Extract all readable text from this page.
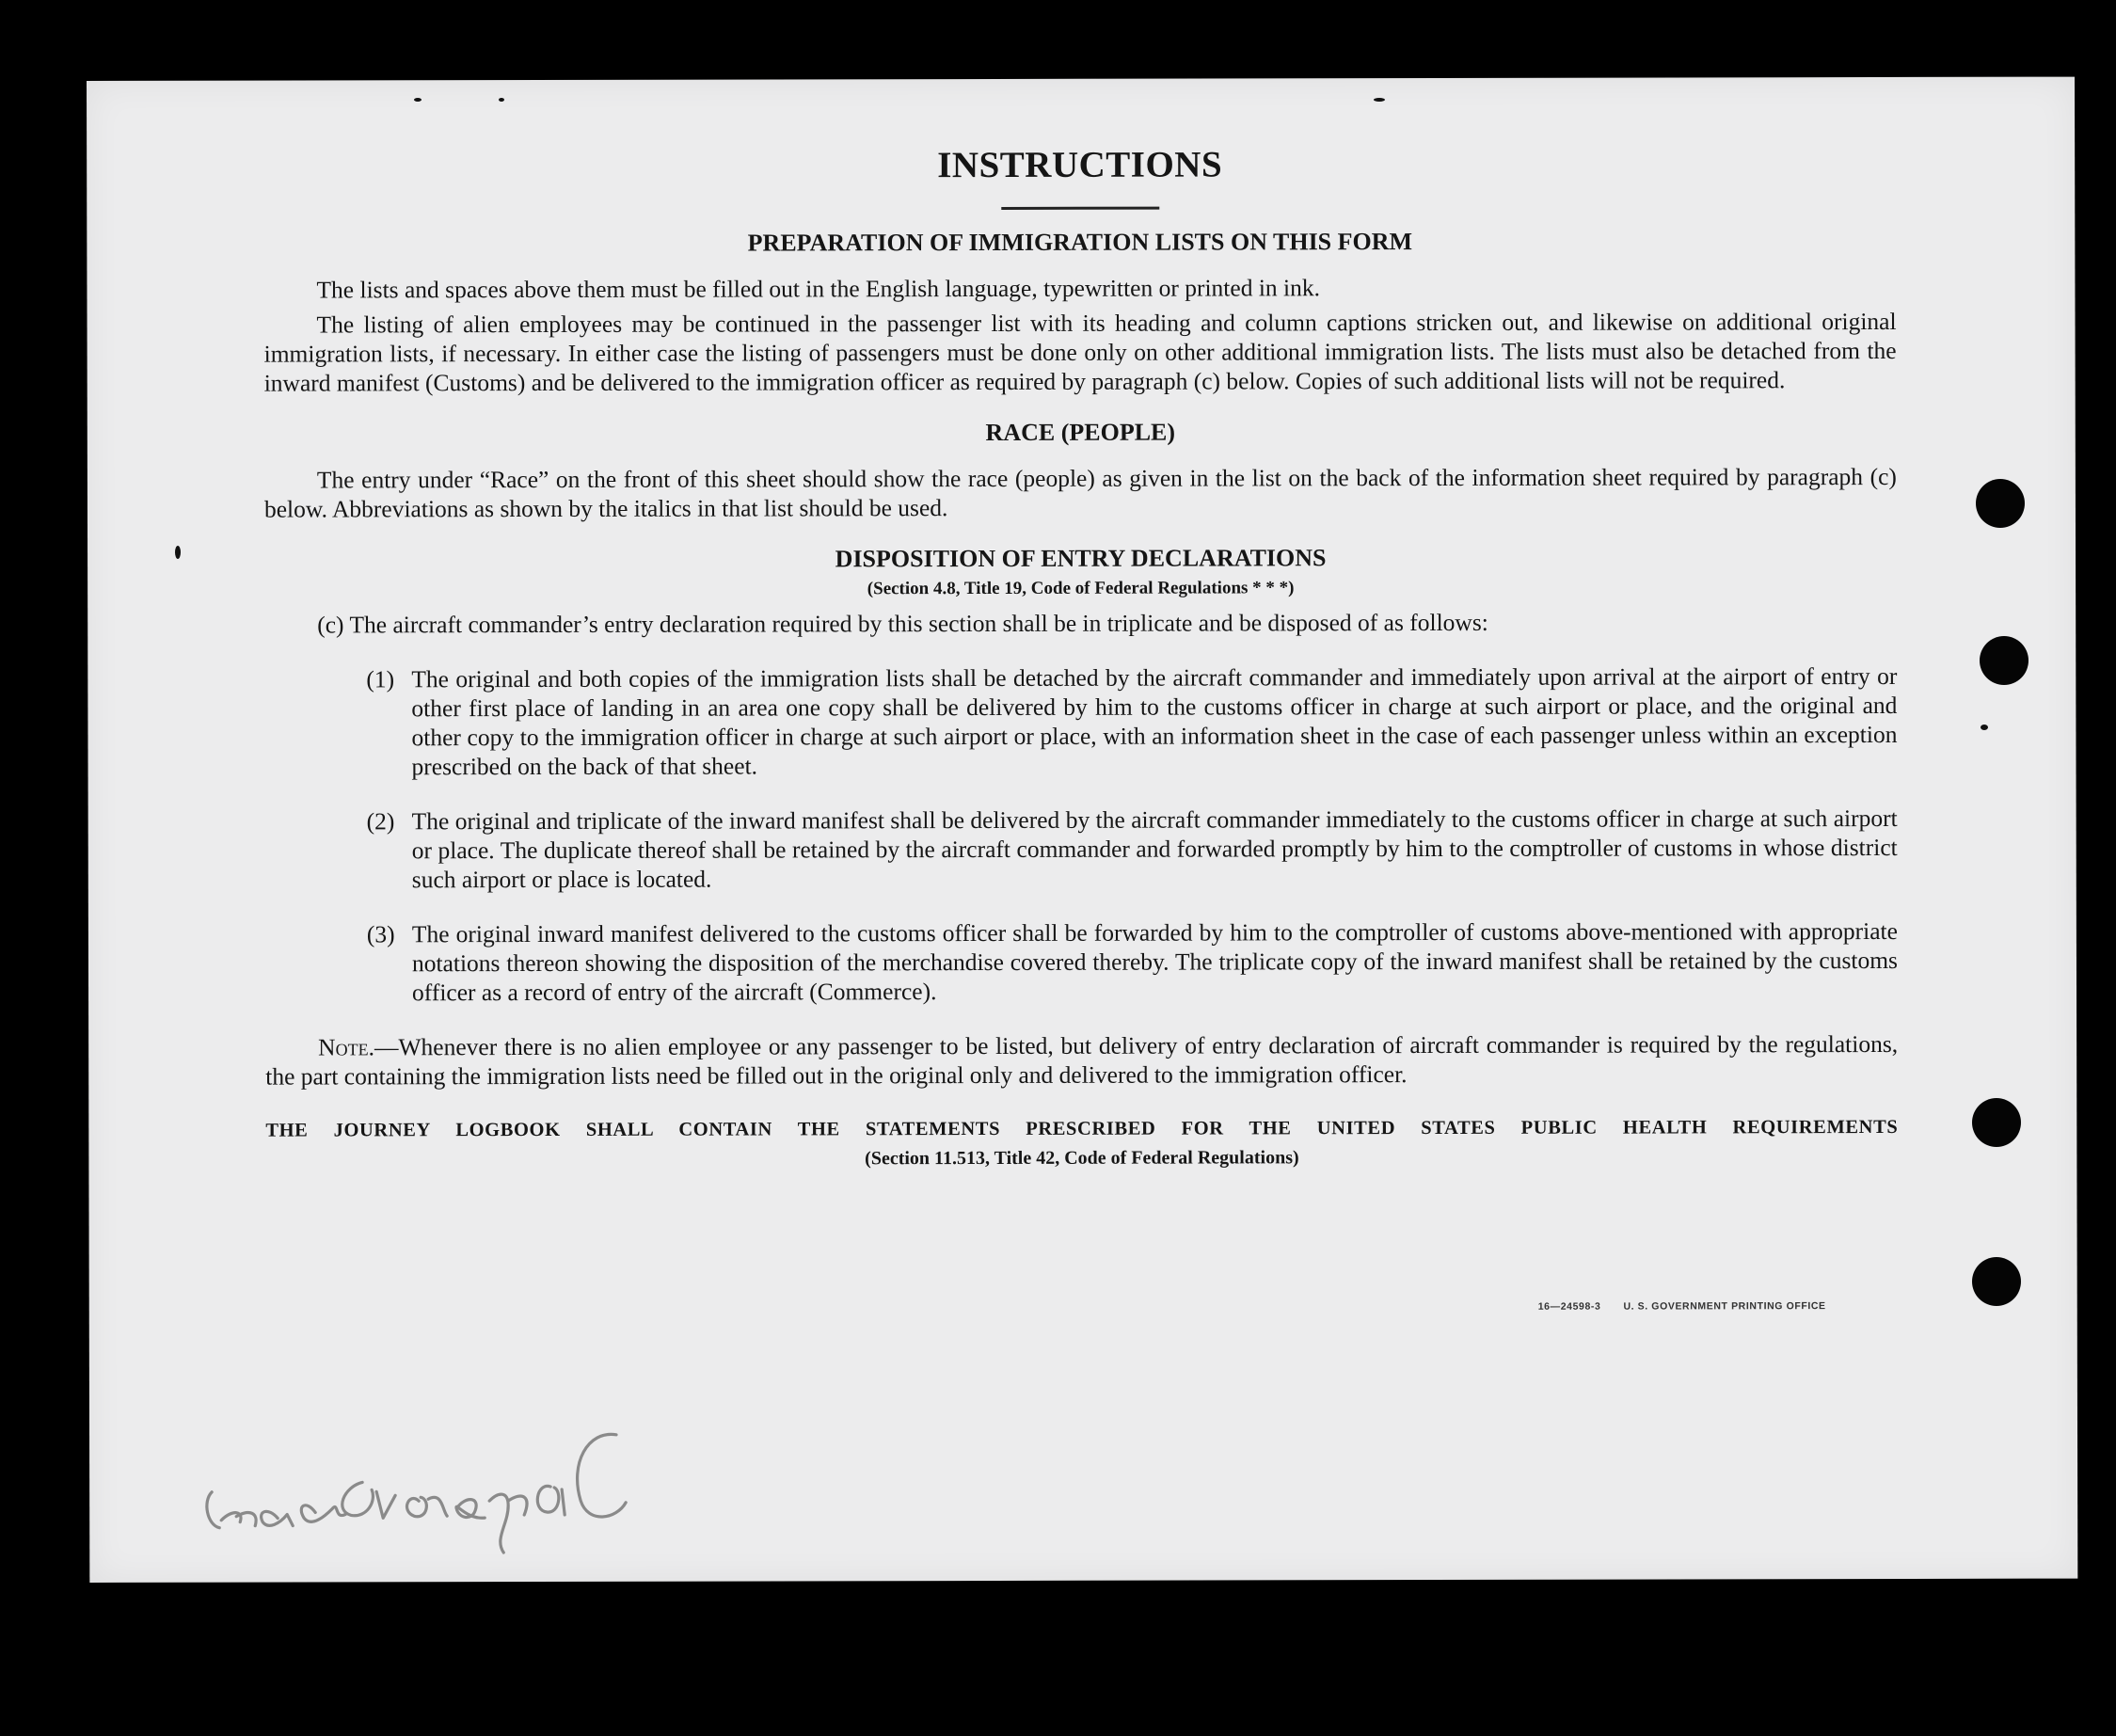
INSTRUCTIONS
PREPARATION OF IMMIGRATION LISTS ON THIS FORM

The lists and spaces above them must be filled out in the English language, typewritten or printed in ink.

The listing of alien employees may be continued in the passenger list with its heading and column captions stricken out, and likewise on additional original immigration lists, if necessary. In either case the listing of passengers must be done only on other additional immigration lists. The lists must also be detached from the inward manifest (Customs) and be delivered to the immigration officer as required by paragraph (c) below. Copies of such additional lists will not be required.

RACE (PEOPLE)

The entry under “Race” on the front of this sheet should show the race (people) as given in the list on the back of the information sheet required by paragraph (c) below. Abbreviations as shown by the italics in that list should be used.

DISPOSITION OF ENTRY DECLARATIONS
(Section 4.8, Title 19, Code of Federal Regulations * * *)

(c) The aircraft commander’s entry declaration required by this section shall be in triplicate and be disposed of as follows:

(1) The original and both copies of the immigration lists shall be detached by the aircraft commander and immediately upon arrival at the airport of entry or other first place of landing in an area one copy shall be delivered by him to the customs officer in charge at such airport or place, and the original and other copy to the immigration officer in charge at such airport or place, with an information sheet in the case of each passenger unless within an exception prescribed on the back of that sheet.
(2) The original and triplicate of the inward manifest shall be delivered by the aircraft commander immediately to the customs officer in charge at such airport or place. The duplicate thereof shall be retained by the aircraft commander and forwarded promptly by him to the comptroller of customs in whose district such airport or place is located.
(3) The original inward manifest delivered to the customs officer shall be forwarded by him to the comptroller of customs above-mentioned with appropriate notations thereon showing the disposition of the merchandise covered thereby. The triplicate copy of the inward manifest shall be retained by the customs officer as a record of entry of the aircraft (Commerce).

Note.—Whenever there is no alien employee or any passenger to be listed, but delivery of entry declaration of aircraft commander is required by the regulations, the part containing the immigration lists need be filled out in the original only and delivered to the immigration officer.

THE JOURNEY LOGBOOK SHALL CONTAIN THE STATEMENTS PRESCRIBED FOR THE UNITED STATES PUBLIC HEALTH REQUIREMENTS

(Section 11.513, Title 42, Code of Federal Regulations)
16—24598-3 U. S. GOVERNMENT PRINTING OFFICE
